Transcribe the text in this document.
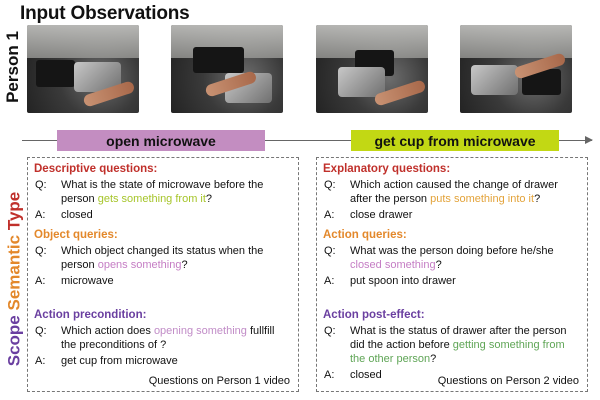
Input Observations
Person 1
open microwave	get cup from microwave
Scope Semantic Type
Descriptive questions:
Q: What is the state of microwave before the
person gets something from it?
A: closed
Object queries:
Q: Which object changed its status when the
person opens something?
A: microwave
Action precondition:
Q: Which action does opening something fullfill
the preconditions of ?
A: get cup from microwave
Questions on Person 1 video
Explanatory questions:
Q: Which action caused the change of drawer
after the person puts something into it?
A: close drawer
Action queries:
Q: What was the person doing before he/she
closed something?
A: put spoon into drawer
Action post-effect:
Q: What is the status of drawer after the person
did the action before getting something from
the other person?
A: closed	Questions on Person 2 video
